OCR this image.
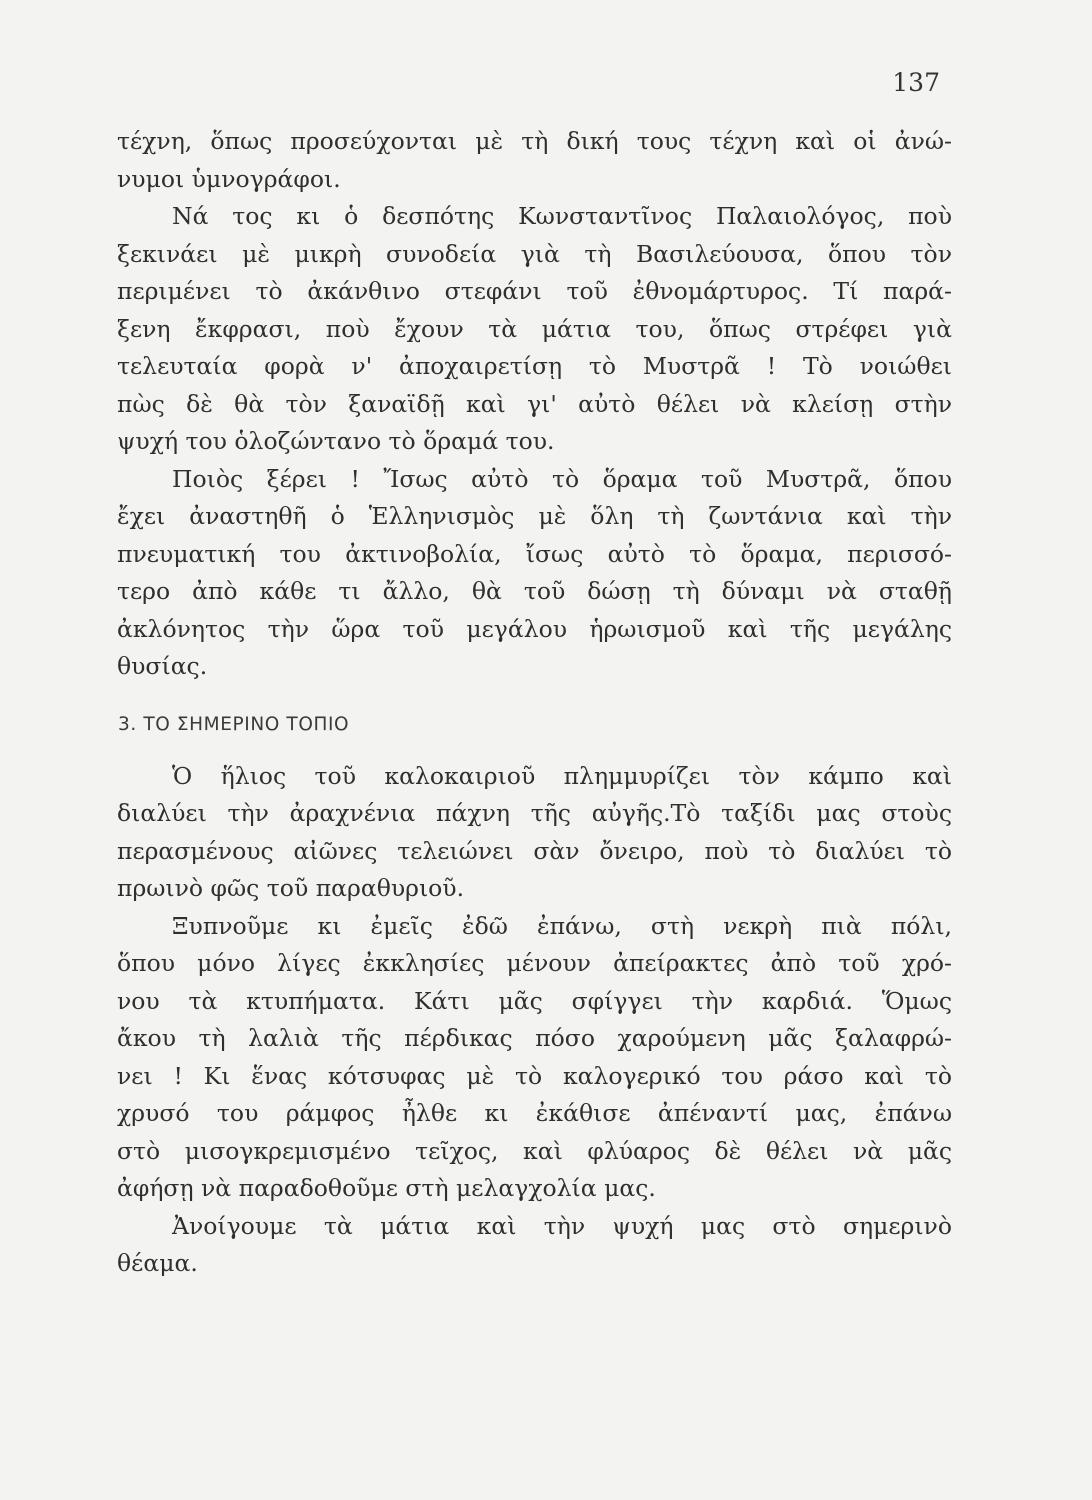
137
τέχνη, ὅπως προσεύχονται μὲ τὴ δική τους τέχνη καὶ οἱ ἀνώ-
νυμοι ὑμνογράφοι.
Νά τος κι ὁ δεσπότης Κωνσταντῖνος Παλαιολόγος, ποὺ
ξεκινάει μὲ μικρὴ συνοδεία γιὰ τὴ Βασιλεύουσα, ὅπου τὸν
περιμένει τὸ ἀκάνθινο στεφάνι τοῦ ἐθνομάρτυρος. Τί παρά-
ξενη ἔκφρασι, ποὺ ἔχουν τὰ μάτια του, ὅπως στρέφει γιὰ
τελευταία φορὰ ν' ἀποχαιρετίσῃ τὸ Μυστρᾶ ! Τὸ νοιώθει
πὼς δὲ θὰ τὸν ξαναϊδῇ καὶ γι' αὐτὸ θέλει νὰ κλείσῃ στὴν
ψυχή του ὁλοζώντανο τὸ ὅραμά του.
Ποιὸς ξέρει ! Ἴσως αὐτὸ τὸ ὅραμα τοῦ Μυστρᾶ, ὅπου
ἔχει ἀναστηθῆ ὁ Ἑλληνισμὸς μὲ ὅλη τὴ ζωντάνια καὶ τὴν
πνευματική του ἀκτινοβολία, ἴσως αὐτὸ τὸ ὅραμα, περισσό-
τερο ἀπὸ κάθε τι ἄλλο, θὰ τοῦ δώσῃ τὴ δύναμι νὰ σταθῇ
ἀκλόνητος τὴν ὥρα τοῦ μεγάλου ἡρωισμοῦ καὶ τῆς μεγάλης
θυσίας.
3. ΤΟ ΣΗΜΕΡΙΝΟ ΤΟΠΙΟ
Ὁ ἥλιος τοῦ καλοκαιριοῦ πλημμυρίζει τὸν κάμπο καὶ
διαλύει τὴν ἀραχνένια πάχνη τῆς αὐγῆς.Τὸ ταξίδι μας στοὺς
περασμένους αἰῶνες τελειώνει σὰν ὄνειρο, ποὺ τὸ διαλύει τὸ
πρωινὸ φῶς τοῦ παραθυριοῦ.
Ξυπνοῦμε κι ἐμεῖς ἐδῶ ἐπάνω, στὴ νεκρὴ πιὰ πόλι,
ὅπου μόνο λίγες ἐκκλησίες μένουν ἀπείρακτες ἀπὸ τοῦ χρό-
νου τὰ κτυπήματα. Κάτι μᾶς σφίγγει τὴν καρδιά. Ὅμως
ἄκου τὴ λαλιὰ τῆς πέρδικας πόσο χαρούμενη μᾶς ξαλαφρώ-
νει ! Κι ἕνας κότσυφας μὲ τὸ καλογερικό του ράσο καὶ τὸ
χρυσό του ράμφος ἦλθε κι ἐκάθισε ἀπέναντί μας, ἐπάνω
στὸ μισογκρεμισμένο τεῖχος, καὶ φλύαρος δὲ θέλει νὰ μᾶς
ἀφήσῃ νὰ παραδοθοῦμε στὴ μελαγχολία μας.
Ἀνοίγουμε τὰ μάτια καὶ τὴν ψυχή μας στὸ σημερινὸ
θέαμα.
